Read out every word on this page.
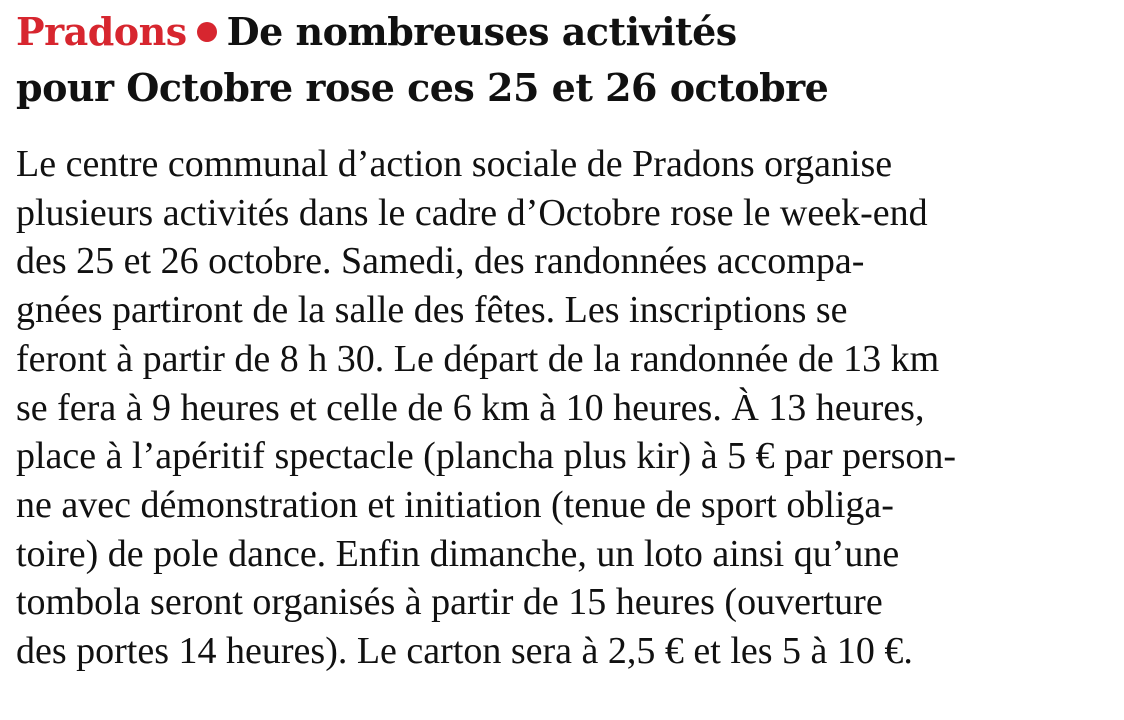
Pradons De nombreuses activités
pour Octobre rose ces 25 et 26 octobre

Le centre communal d’action sociale de Pradons organise
plusieurs activités dans le cadre d’Octobre rose le week-end
des 25 et 26 octobre. Samedi, des randonnées accompa-
gnées partiront de la salle des fêtes. Les inscriptions se
feront à partir de 8 h 30. Le départ de la randonnée de 13 km
se fera à 9 heures et celle de 6 km à 10 heures. À 13 heures,
place à l’apéritif spectacle (plancha plus kir) à 5 € par person-
ne avec démonstration et initiation (tenue de sport obliga-
toire) de pole dance. Enfin dimanche, un loto ainsi qu’une
tombola seront organisés à partir de 15 heures (ouverture
des portes 14 heures). Le carton sera à 2,5 € et les 5 à 10 €.
